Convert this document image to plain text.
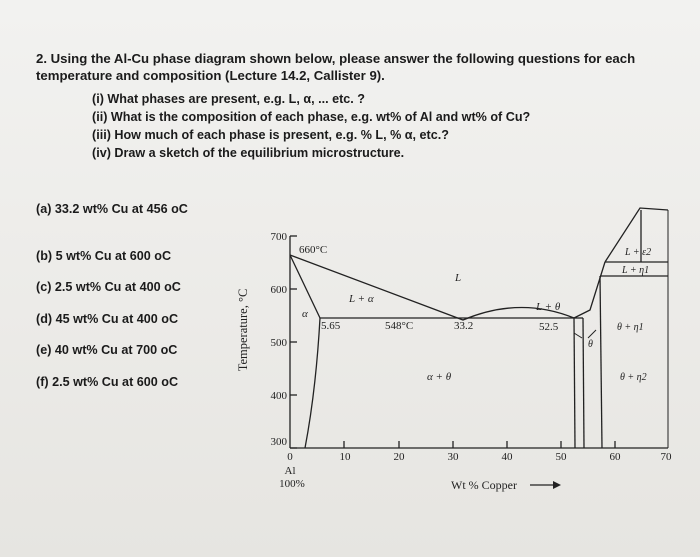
2. Using the Al-Cu phase diagram shown below, please answer the following questions for each temperature and composition (Lecture 14.2, Callister 9).
(i) What phases are present, e.g. L, α, ... etc. ?
(ii) What is the composition of each phase, e.g. wt% of Al and wt% of Cu?
(iii) How much of each phase is present, e.g. % L, % α, etc.?
(iv) Draw a sketch of the equilibrium microstructure.
(a) 33.2 wt% Cu at 456 oC
(b) 5 wt% Cu at 600 oC
(c) 2.5 wt% Cu at 400 oC
(d) 45 wt% Cu at 400 oC
(e) 40 wt% Cu at 700 oC
(f) 2.5 wt% Cu at 600 oC
700
600
500
400
300
0	10	20	30	40	50	60	70
Al
100%	Wt % Copper
Temperature, °C
660°C
L
L + α
α
5.65	548°C	33.2
L + θ
52.5
α + θ
θ
θ + η1
θ + η2
L + η1
L + ε2
